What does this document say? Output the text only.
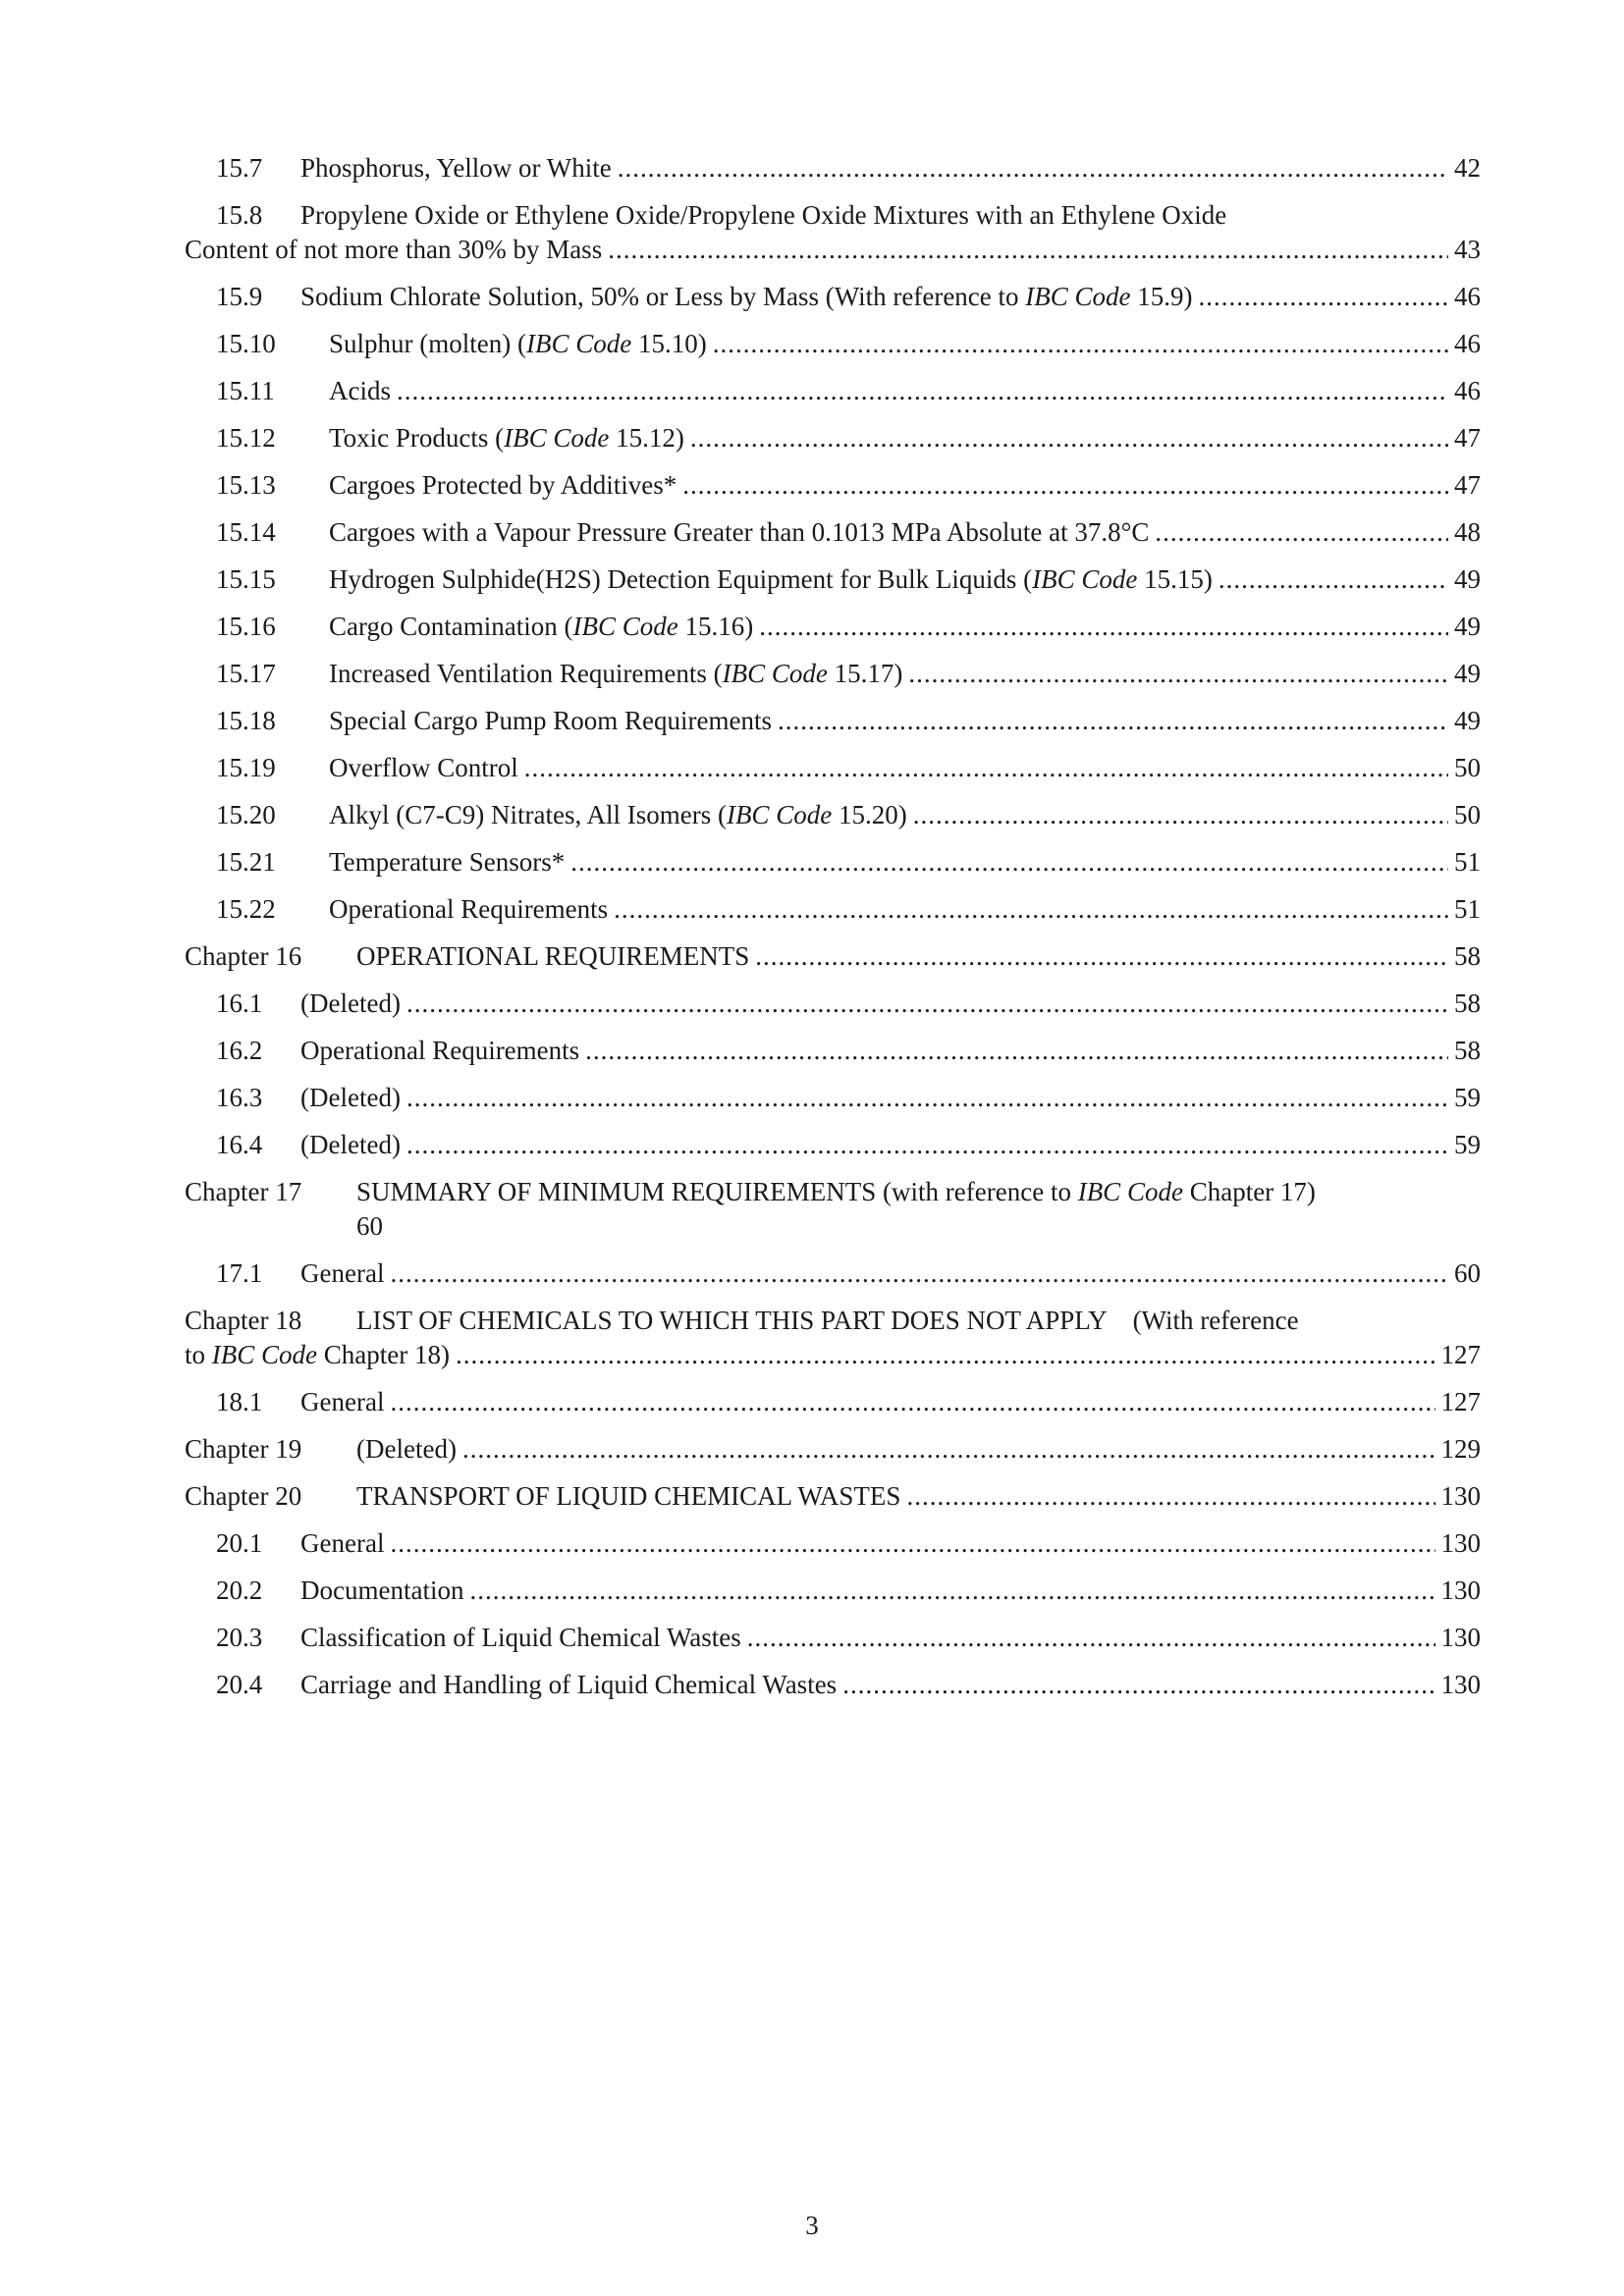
15.7	Phosphorus, Yellow or White .....	42
15.8	Propylene Oxide or Ethylene Oxide/Propylene Oxide Mixtures with an Ethylene Oxide
Content of not more than 30% by Mass .....	43
15.9	Sodium Chlorate Solution, 50% or Less by Mass (With reference to IBC Code 15.9) .....	46
15.10	Sulphur (molten) (IBC Code 15.10) .....	46
15.11	Acids .....	46
15.12	Toxic Products (IBC Code 15.12) .....	47
15.13	Cargoes Protected by Additives* .....	47
15.14	Cargoes with a Vapour Pressure Greater than 0.1013 MPa Absolute at 37.8°C .....	48
15.15	Hydrogen Sulphide(H2S) Detection Equipment for Bulk Liquids (IBC Code 15.15) .....	49
15.16	Cargo Contamination (IBC Code 15.16) .....	49
15.17	Increased Ventilation Requirements (IBC Code 15.17) .....	49
15.18	Special Cargo Pump Room Requirements .....	49
15.19	Overflow Control .....	50
15.20	Alkyl (C7-C9) Nitrates, All Isomers (IBC Code 15.20) .....	50
15.21	Temperature Sensors* .....	51
15.22	Operational Requirements .....	51
Chapter 16	OPERATIONAL REQUIREMENTS .....	58
16.1	(Deleted) .....	58
16.2	Operational Requirements .....	58
16.3	(Deleted) .....	59
16.4	(Deleted) .....	59
Chapter 17	SUMMARY OF MINIMUM REQUIREMENTS (with reference to IBC Code Chapter 17)
60
17.1	General .....	60
Chapter 18	LIST OF CHEMICALS TO WHICH THIS PART DOES NOT APPLY    (With reference
to IBC Code Chapter 18) .....	127
18.1	General .....	127
Chapter 19	(Deleted) .....	129
Chapter 20	TRANSPORT OF LIQUID CHEMICAL WASTES .....	130
20.1	General .....	130
20.2	Documentation .....	130
20.3	Classification of Liquid Chemical Wastes .....	130
20.4	Carriage and Handling of Liquid Chemical Wastes .....	130
3
